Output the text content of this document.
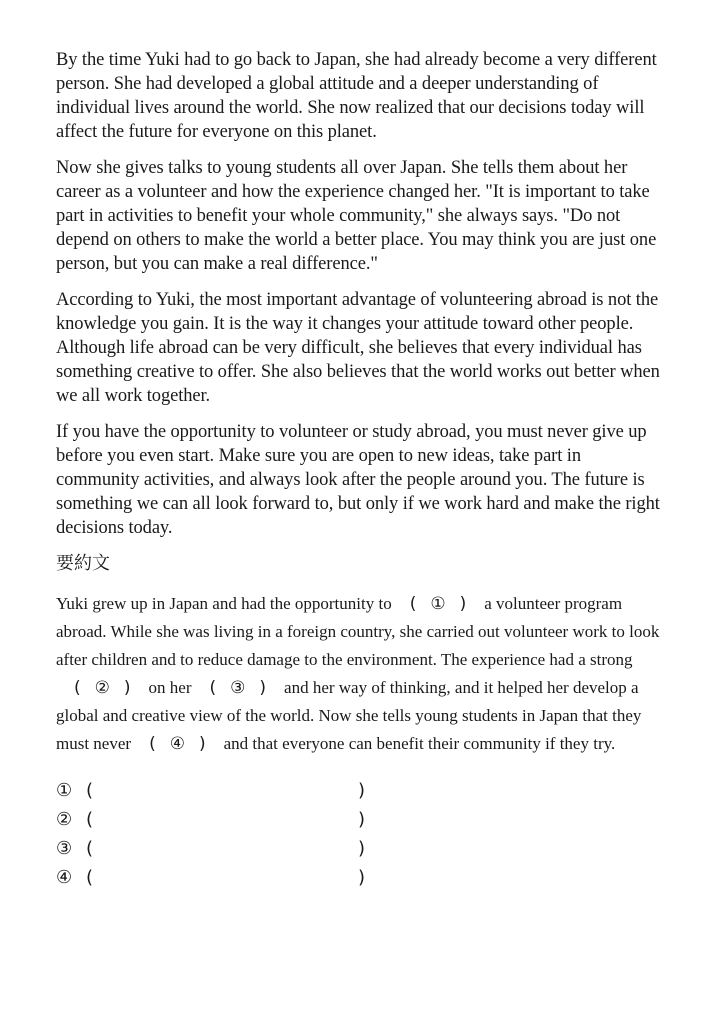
By the time Yuki had to go back to Japan, she had already become a very different person. She had developed a global attitude and a deeper understanding of individual lives around the world. She now realized that our decisions today will affect the future for everyone on this planet.

Now she gives talks to young students all over Japan. She tells them about her career as a volunteer and how the experience changed her. "It is important to take part in activities to benefit your whole community," she always says. "Do not depend on others to make the world a better place. You may think you are just one person, but you can make a real difference."

According to Yuki, the most important advantage of volunteering abroad is not the knowledge you gain. It is the way it changes your attitude toward other people. Although life abroad can be very difficult, she believes that every individual has something creative to offer. She also believes that the world works out better when we all work together.

If you have the opportunity to volunteer or study abroad, you must never give up before you even start. Make sure you are open to new ideas, take part in community activities, and always look after the people around you. The future is something we can all look forward to, but only if we work hard and make the right decisions today.

要約文

Yuki grew up in Japan and had the opportunity to ( ① ) a volunteer program abroad. While she was living in a foreign country, she carried out volunteer work to look after children and to reduce damage to the environment. The experience had a strong( ② ) on her ( ③ ) and her way of thinking, and it helped her develop a global and creative view of the world. Now she tells young students in Japan that they must never ( ④ ) and that everyone can benefit their community if they try.

① (	)
② (	)
③ (	)
④ (	)
